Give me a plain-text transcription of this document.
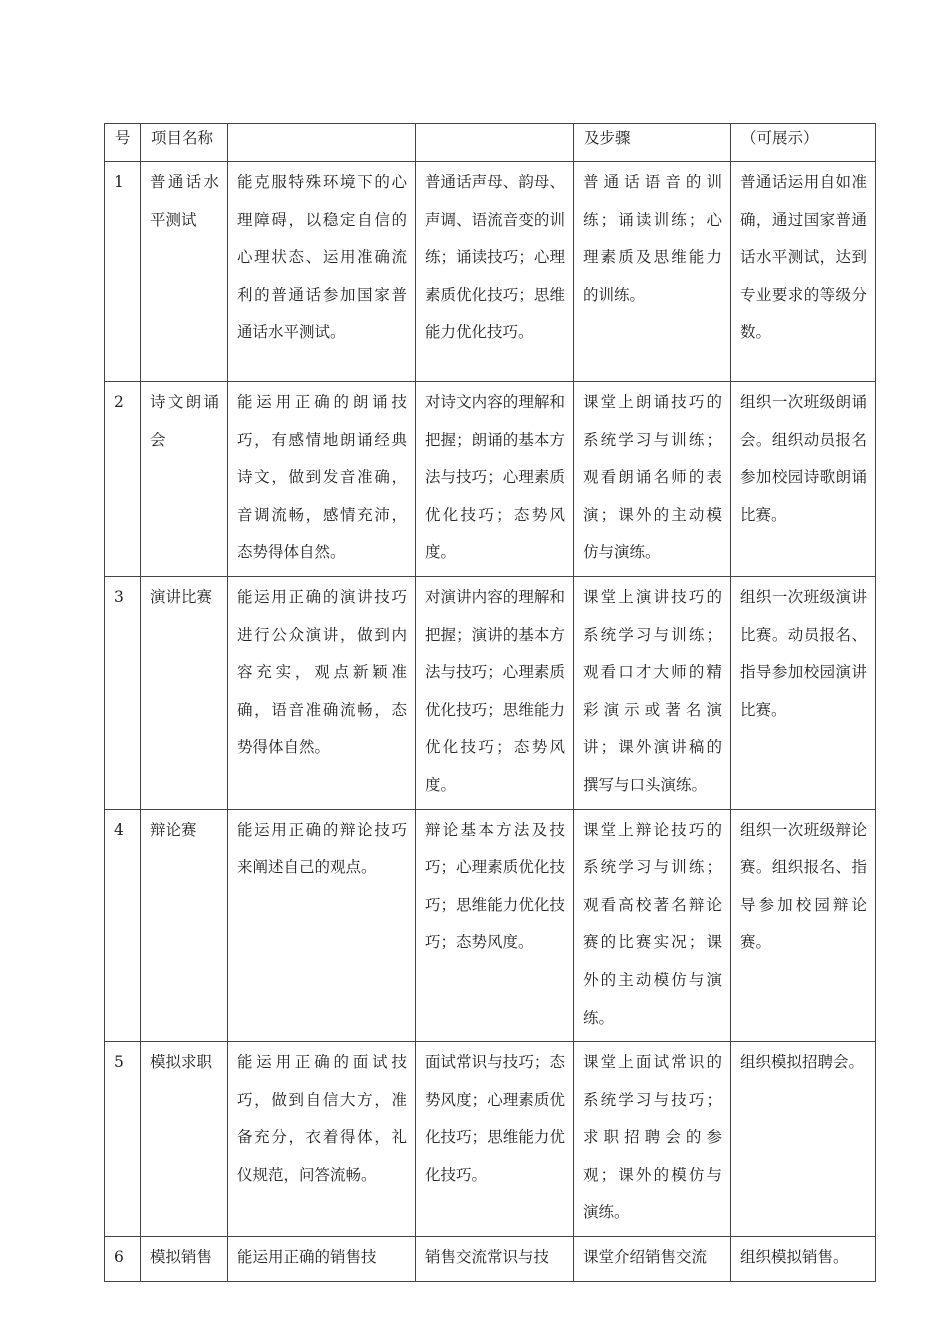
号	项目名称			及步骤	（可展示）
1	普通话水平测试	能克服特殊环境下的心理障碍，以稳定自信的心理状态、运用准确流利的普通话参加国家普通话水平测试。	普通话声母、韵母、声调、语流音变的训练；诵读技巧；心理素质优化技巧；思维能力优化技巧。	普通话语音的训练；诵读训练；心理素质及思维能力的训练。	普通话运用自如准确，通过国家普通话水平测试，达到专业要求的等级分数。
2	诗文朗诵会	能运用正确的朗诵技巧，有感情地朗诵经典诗文，做到发音准确，音调流畅，感情充沛，态势得体自然。	对诗文内容的理解和把握；朗诵的基本方法与技巧；心理素质优化技巧；态势风度。	课堂上朗诵技巧的系统学习与训练；观看朗诵名师的表演；课外的主动模仿与演练。	组织一次班级朗诵会。组织动员报名参加校园诗歌朗诵比赛。
3	演讲比赛	能运用正确的演讲技巧进行公众演讲，做到内容充实，观点新颖准确，语音准确流畅，态势得体自然。	对演讲内容的理解和把握；演讲的基本方法与技巧；心理素质优化技巧；思维能力优化技巧；态势风度。	课堂上演讲技巧的系统学习与训练；观看口才大师的精彩演示或著名演讲；课外演讲稿的撰写与口头演练。	组织一次班级演讲比赛。动员报名、指导参加校园演讲比赛。
4	辩论赛	能运用正确的辩论技巧来阐述自己的观点。	辩论基本方法及技巧；心理素质优化技巧；思维能力优化技巧；态势风度。	课堂上辩论技巧的系统学习与训练；观看高校著名辩论赛的比赛实况；课外的主动模仿与演练。	组织一次班级辩论赛。组织报名、指导参加校园辩论赛。
5	模拟求职	能运用正确的面试技巧，做到自信大方，准备充分，衣着得体，礼仪规范，问答流畅。	面试常识与技巧；态势风度；心理素质优化技巧；思维能力优化技巧。	课堂上面试常识的系统学习与技巧；求职招聘会的参观；课外的模仿与演练。	组织模拟招聘会。
6	模拟销售	能运用正确的销售技	销售交流常识与技	课堂介绍销售交流	组织模拟销售。
